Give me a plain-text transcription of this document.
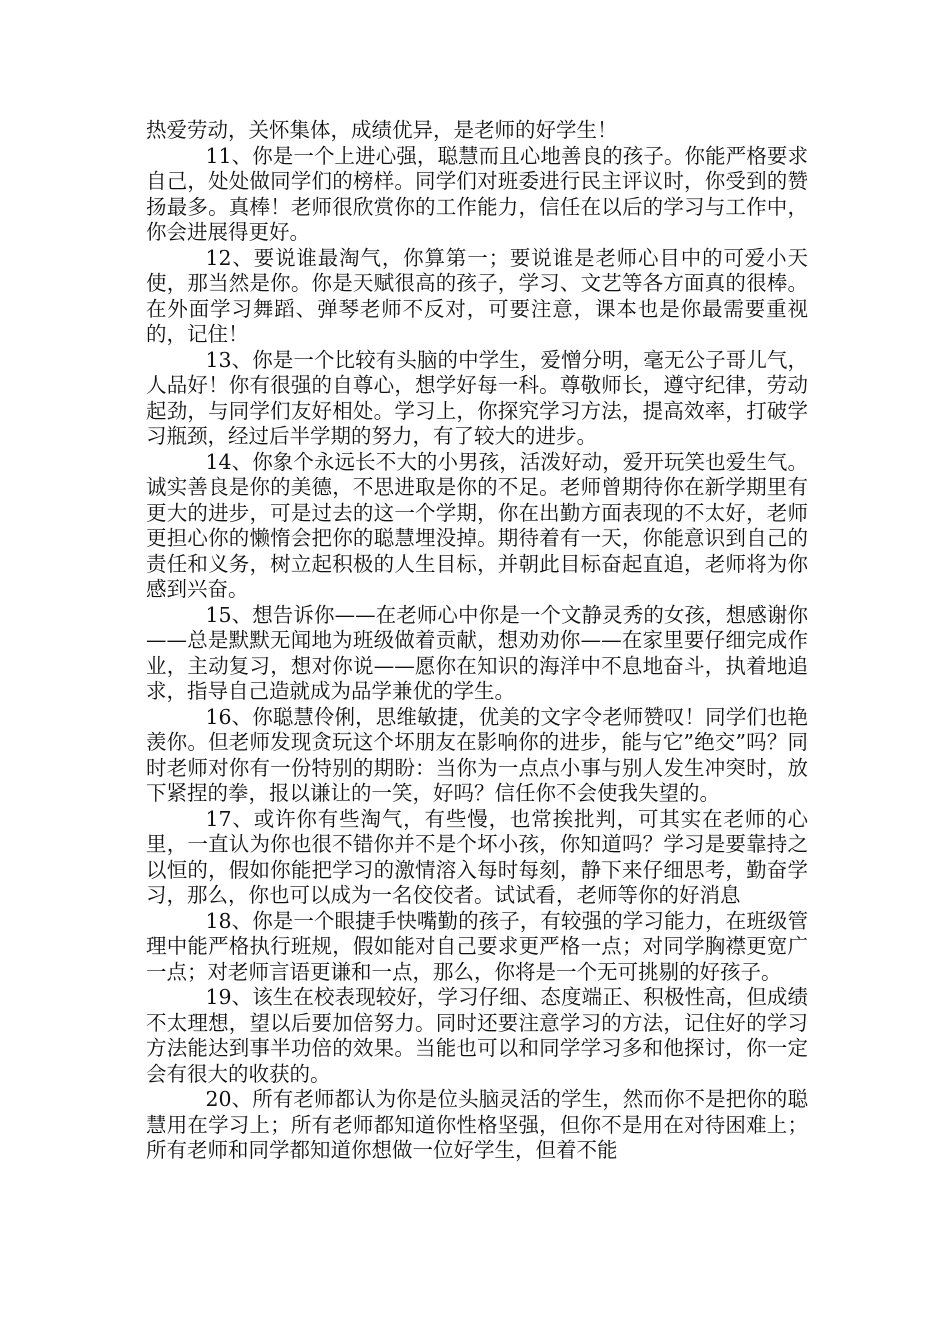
热爱劳动，关怀集体，成绩优异，是老师的好学生！

11、你是一个上进心强，聪慧而且心地善良的孩子。你能严格要求自己，处处做同学们的榜样。同学们对班委进行民主评议时，你受到的赞扬最多。真棒！老师很欣赏你的工作能力，信任在以后的学习与工作中，你会进展得更好。

12、要说谁最淘气，你算第一；要说谁是老师心目中的可爱小天使，那当然是你。你是天赋很高的孩子，学习、文艺等各方面真的很棒。在外面学习舞蹈、弹琴老师不反对，可要注意，课本也是你最需要重视的，记住！

13、你是一个比较有头脑的中学生，爱憎分明，毫无公子哥儿气，人品好！你有很强的自尊心，想学好每一科。尊敬师长，遵守纪律，劳动起劲，与同学们友好相处。学习上，你探究学习方法，提高效率，打破学习瓶颈，经过后半学期的努力，有了较大的进步。

14、你象个永远长不大的小男孩，活泼好动，爱开玩笑也爱生气。诚实善良是你的美德，不思进取是你的不足。老师曾期待你在新学期里有更大的进步，可是过去的这一个学期，你在出勤方面表现的不太好，老师更担心你的懒惰会把你的聪慧埋没掉。期待着有一天，你能意识到自己的责任和义务，树立起积极的人生目标，并朝此目标奋起直追，老师将为你感到兴奋。

15、想告诉你——在老师心中你是一个文静灵秀的女孩，想感谢你——总是默默无闻地为班级做着贡献，想劝劝你——在家里要仔细完成作业，主动复习，想对你说——愿你在知识的海洋中不息地奋斗，执着地追求，指导自己造就成为品学兼优的学生。

16、你聪慧伶俐，思维敏捷，优美的文字令老师赞叹！同学们也艳羡你。但老师发现贪玩这个坏朋友在影响你的进步，能与它”绝交”吗？同时老师对你有一份特别的期盼：当你为一点点小事与别人发生冲突时，放下紧捏的拳，报以谦让的一笑，好吗？信任你不会使我失望的。

17、或许你有些淘气，有些慢，也常挨批判，可其实在老师的心里，一直认为你也很不错你并不是个坏小孩，你知道吗？学习是要靠持之以恒的，假如你能把学习的激情溶入每时每刻，静下来仔细思考，勤奋学习，那么，你也可以成为一名佼佼者。试试看，老师等你的好消息

18、你是一个眼捷手快嘴勤的孩子，有较强的学习能力，在班级管理中能严格执行班规，假如能对自己要求更严格一点；对同学胸襟更宽广一点；对老师言语更谦和一点，那么，你将是一个无可挑剔的好孩子。

19、该生在校表现较好，学习仔细、态度端正、积极性高，但成绩不太理想，望以后要加倍努力。同时还要注意学习的方法，记住好的学习方法能达到事半功倍的效果。当能也可以和同学学习多和他探讨，你一定会有很大的收获的。

20、所有老师都认为你是位头脑灵活的学生，然而你不是把你的聪慧用在学习上；所有老师都知道你性格坚强，但你不是用在对待困难上；所有老师和同学都知道你想做一位好学生，但着不能
